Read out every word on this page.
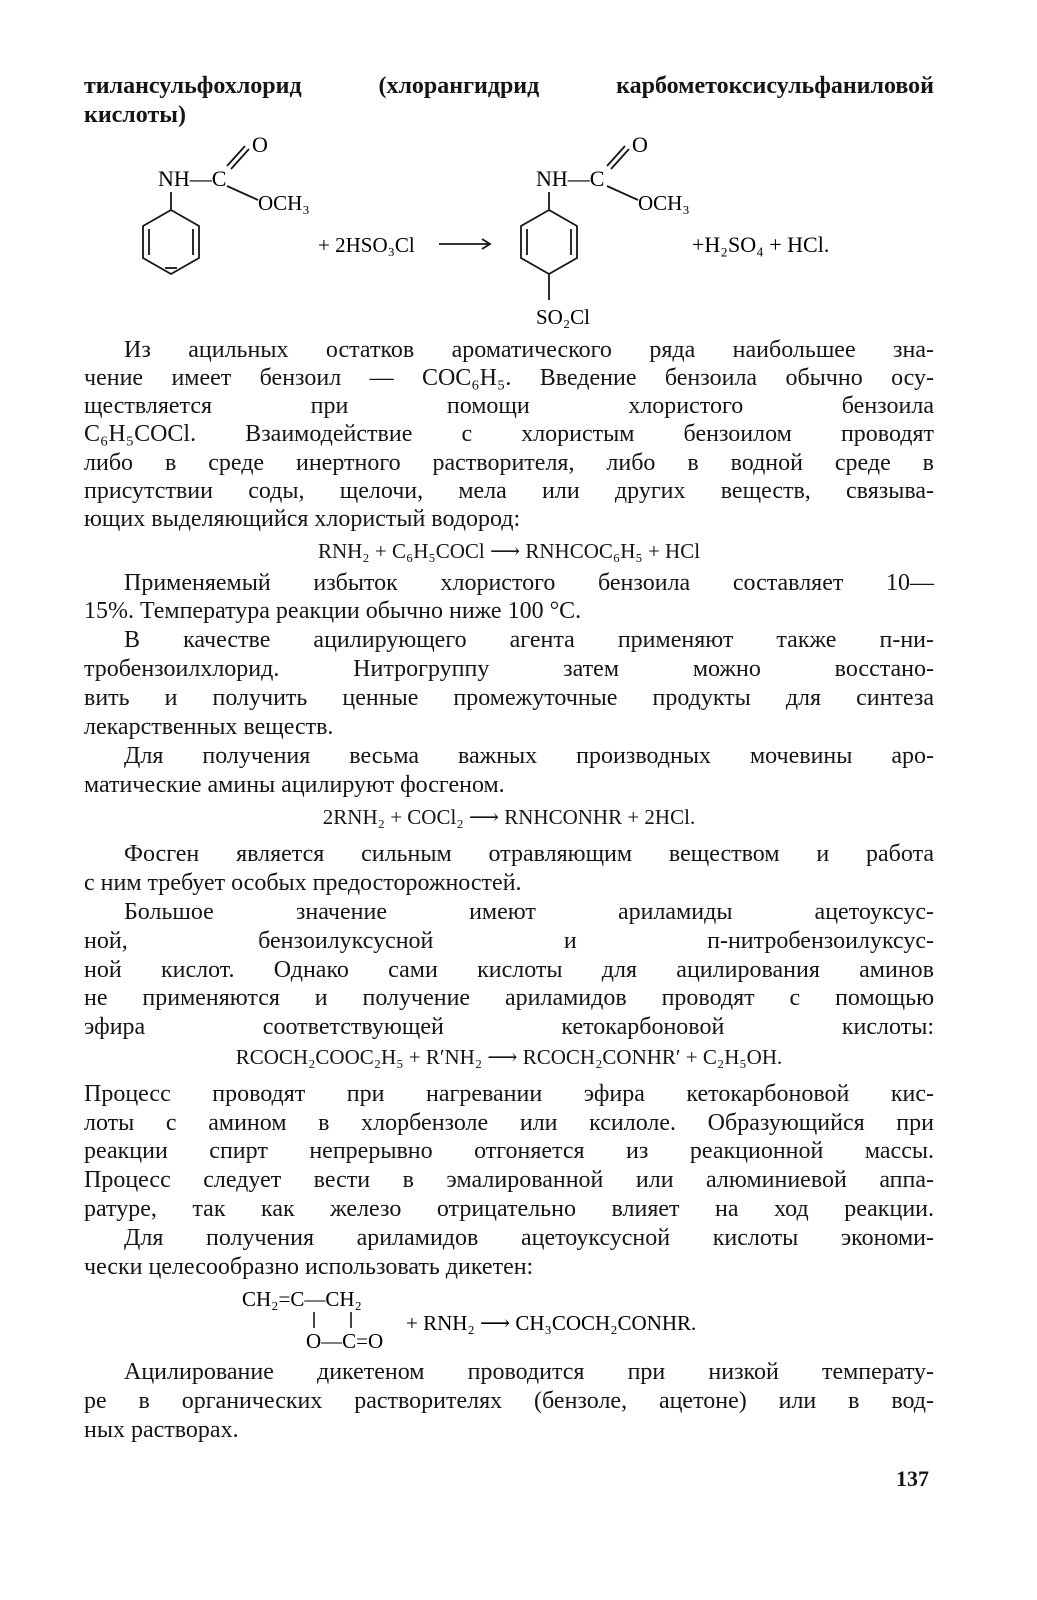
тилансульфохлорид (хлорангидрид карбометоксисульфаниловой
кислоты)
O
NH—C
OCH₃
+ 2HSO₃Cl
O
NH—C
OCH₃
+H₂SO₄ + HCl.
SO₂Cl
Из ацильных остатков ароматического ряда наибольшее зна-
чение имеет бензоил — COC₆H₅. Введение бензоила обычно осу-
ществляется при помощи хлористого бензоила
C₆H₅COCl. Взаимодействие с хлористым бензоилом проводят
либо в среде инертного растворителя, либо в водной среде в
присутствии соды, щелочи, мела или других веществ, связыва-
ющих выделяющийся хлористый водород:
RNH₂ + C₆H₅COCl ⟶ RNHCOC₆H₅ + HCl
Применяемый избыток хлористого бензоила составляет 10—
15%. Температура реакции обычно ниже 100 °C.
В качестве ацилирующего агента применяют также п-ни-
тробензоилхлорид. Нитрогруппу затем можно восстано-
вить и получить ценные промежуточные продукты для синтеза
лекарственных веществ.
Для получения весьма важных производных мочевины аро-
матические амины ацилируют фосгеном.
2RNH₂ + COCl₂ ⟶ RNHCONHR + 2HCl.
Фосген является сильным отравляющим веществом и работа
с ним требует особых предосторожностей.
Большое значение имеют ариламиды ацетоуксус-
ной, бензоилуксусной и п-нитробензоилуксус-
ной кислот. Однако сами кислоты для ацилирования аминов
не применяются и получение ариламидов проводят с помощью
эфира соответствующей кетокарбоновой кислоты:
RCOCH₂COOC₂H₅ + R′NH₂ ⟶ RCOCH₂CONHR′ + C₂H₅OH.
Процесс проводят при нагревании эфира кетокарбоновой кис-
лоты с амином в хлорбензоле или ксилоле. Образующийся при
реакции спирт непрерывно отгоняется из реакционной массы.
Процесс следует вести в эмалированной или алюминиевой аппа-
ратуре, так как железо отрицательно влияет на ход реакции.
Для получения ариламидов ацетоуксусной кислоты экономи-
чески целесообразно использовать дикетен:
CH₂=C—CH₂
O—C=O
+ RNH₂ ⟶ CH₃COCH₂CONHR.
Ацилирование дикетеном проводится при низкой температу-
ре в органических растворителях (бензоле, ацетоне) или в вод-
ных растворах.
137
